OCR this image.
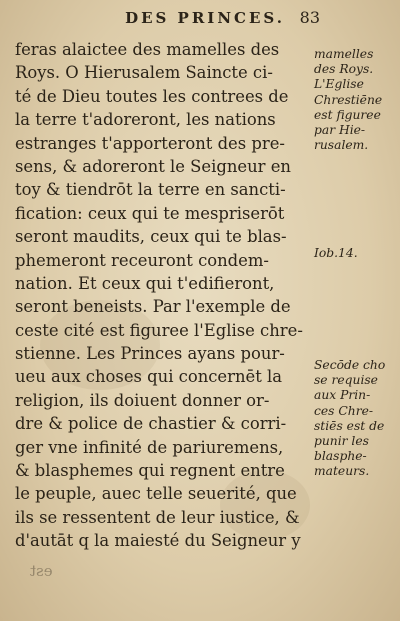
DES PRINCES. 83
feras alaictee des mamelles des
Roys. O Hierusalem Saincte ci-
té de Dieu toutes les contrees de
la terre t'adoreront, les nations
estranges t'apporteront des pre-
sens, & adoreront le Seigneur en
toy & tiendrōt la terre en sancti-
fication: ceux qui te mespriserōt
seront maudits, ceux qui te blas-
phemeront receuront condem-
nation. Et ceux qui t'edifieront,
seront beneists. Par l'exemple de
ceste cité est figuree l'Eglise chre-
stienne. Les Princes ayans pour-
ueu aux choses qui concernēt la
religion, ils doiuent donner or-
dre & police de chastier & corri-
ger vne infinité de pariuremens,
& blasphemes qui regnent entre
le peuple, auec telle seuerité, que
ils se ressentent de leur iustice, &
d'autāt q la maiesté du Seigneur y
mamelles
des Roys.
L'Eglise
Chrestiēne
est figuree
par Hie-
rusalem.
Iob.14.
Secōde cho
se requise
aux Prin-
ces Chre-
stiēs est de
punir les
blasphe-
mateurs.
est
